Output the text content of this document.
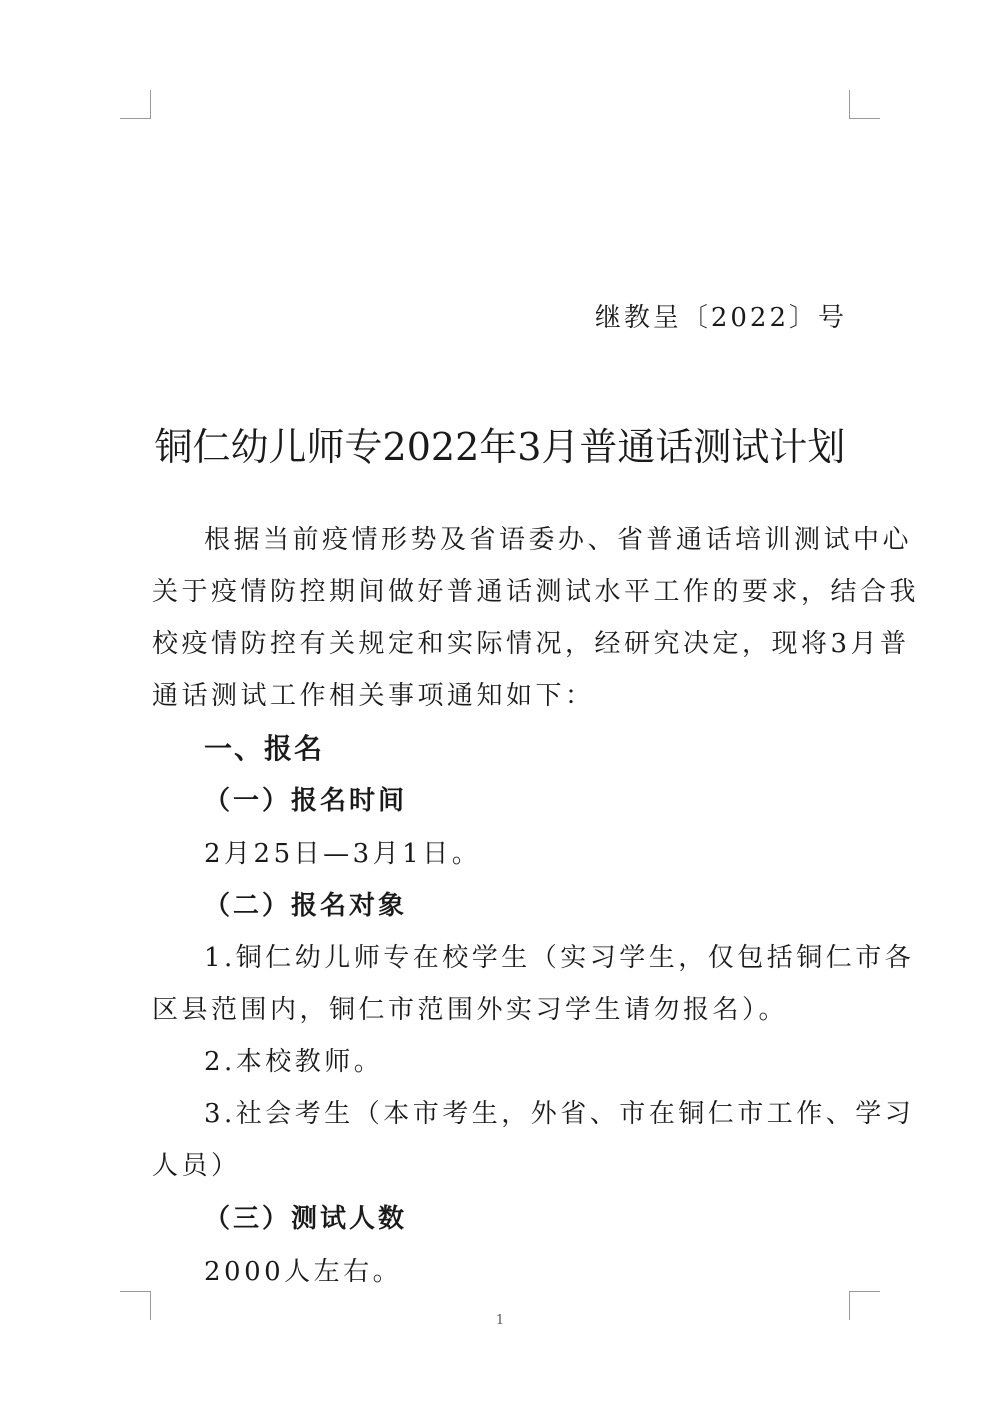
继教呈〔2022〕号
铜仁幼儿师专2022年3月普通话测试计划
根据当前疫情形势及省语委办、省普通话培训测试中心
关于疫情防控期间做好普通话测试水平工作的要求，结合我
校疫情防控有关规定和实际情况，经研究决定，现将3月普
通话测试工作相关事项通知如下：
一、报名
（一）报名时间
2月25日—3月1日。
（二）报名对象
1.铜仁幼儿师专在校学生（实习学生，仅包括铜仁市各
区县范围内，铜仁市范围外实习学生请勿报名）。
2.本校教师。
3.社会考生（本市考生，外省、市在铜仁市工作、学习
人员）
（三）测试人数
2000人左右。
1
